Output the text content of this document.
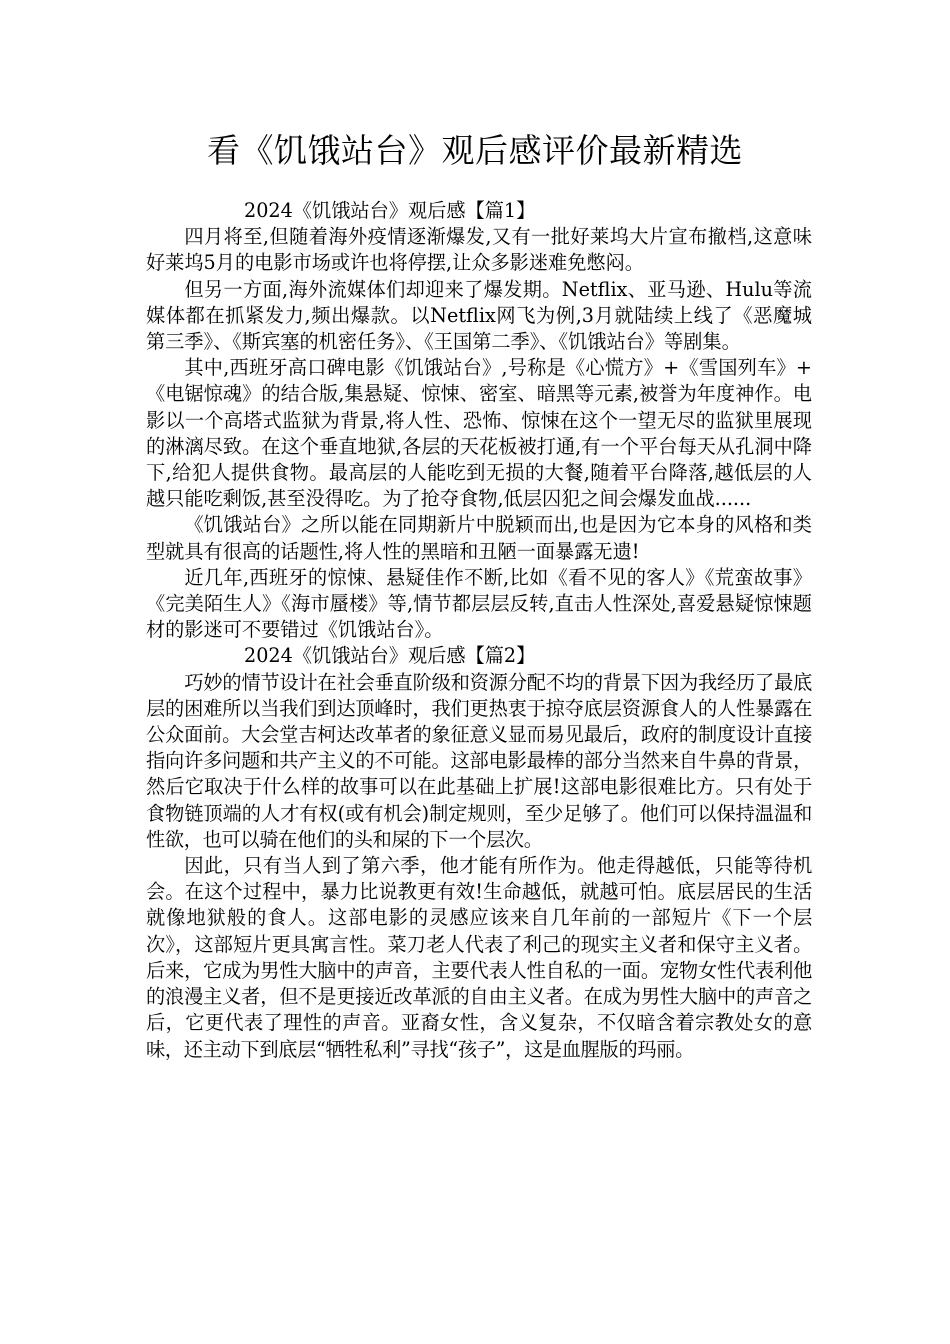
看《饥饿站台》观后感评价最新精选

2024《饥饿站台》观后感【篇1】

四月将至,但随着海外疫情逐渐爆发,又有一批好莱坞大片宣布撤档,这意味好莱坞5月的电影市场或许也将停摆,让众多影迷难免憋闷。

但另一方面,海外流媒体们却迎来了爆发期。Netflix、亚马逊、Hulu等流媒体都在抓紧发力,频出爆款。以Netflix网飞为例,3月就陆续上线了《恶魔城 第三季》、《斯宾塞的机密任务》、《王国第二季》、《饥饿站台》等剧集。

其中,西班牙高口碑电影《饥饿站台》,号称是《心慌方》+《雪国列车》+《电锯惊魂》的结合版,集悬疑、惊悚、密室、暗黑等元素,被誉为年度神作。电影以一个高塔式监狱为背景,将人性、恐怖、惊悚在这个一望无尽的监狱里展现的淋漓尽致。在这个垂直地狱,各层的天花板被打通,有一个平台每天从孔洞中降下,给犯人提供食物。最高层的人能吃到无损的大餐,随着平台降落,越低层的人越只能吃剩饭,甚至没得吃。为了抢夺食物,低层囚犯之间会爆发血战......

《饥饿站台》之所以能在同期新片中脱颖而出,也是因为它本身的风格和类型就具有很高的话题性,将人性的黑暗和丑陋一面暴露无遗!

近几年,西班牙的惊悚、悬疑佳作不断,比如《看不见的客人》《荒蛮故事》《完美陌生人》《海市蜃楼》等,情节都层层反转,直击人性深处,喜爱悬疑惊悚题材的影迷可不要错过《饥饿站台》。

2024《饥饿站台》观后感【篇2】

巧妙的情节设计在社会垂直阶级和资源分配不均的背景下因为我经历了最底层的困难所以当我们到达顶峰时，我们更热衷于掠夺底层资源食人的人性暴露在公众面前。大会堂吉柯达改革者的象征意义显而易见最后，政府的制度设计直接指向许多问题和共产主义的不可能。这部电影最棒的部分当然来自牛鼻的背景，然后它取决于什么样的故事可以在此基础上扩展!这部电影很难比方。只有处于食物链顶端的人才有权(或有机会)制定规则，至少足够了。他们可以保持温温和性欲，也可以骑在他们的头和屎的下一个层次。

因此，只有当人到了第六季，他才能有所作为。他走得越低，只能等待机会。在这个过程中，暴力比说教更有效!生命越低，就越可怕。底层居民的生活就像地狱般的食人。这部电影的灵感应该来自几年前的一部短片《下一个层次》，这部短片更具寓言性。菜刀老人代表了利己的现实主义者和保守主义者。后来，它成为男性大脑中的声音，主要代表人性自私的一面。宠物女性代表利他的浪漫主义者，但不是更接近改革派的自由主义者。在成为男性大脑中的声音之后，它更代表了理性的声音。亚裔女性，含义复杂，不仅暗含着宗教处女的意味，还主动下到底层“牺牲私利”寻找“孩子”，这是血腥版的玛丽。
